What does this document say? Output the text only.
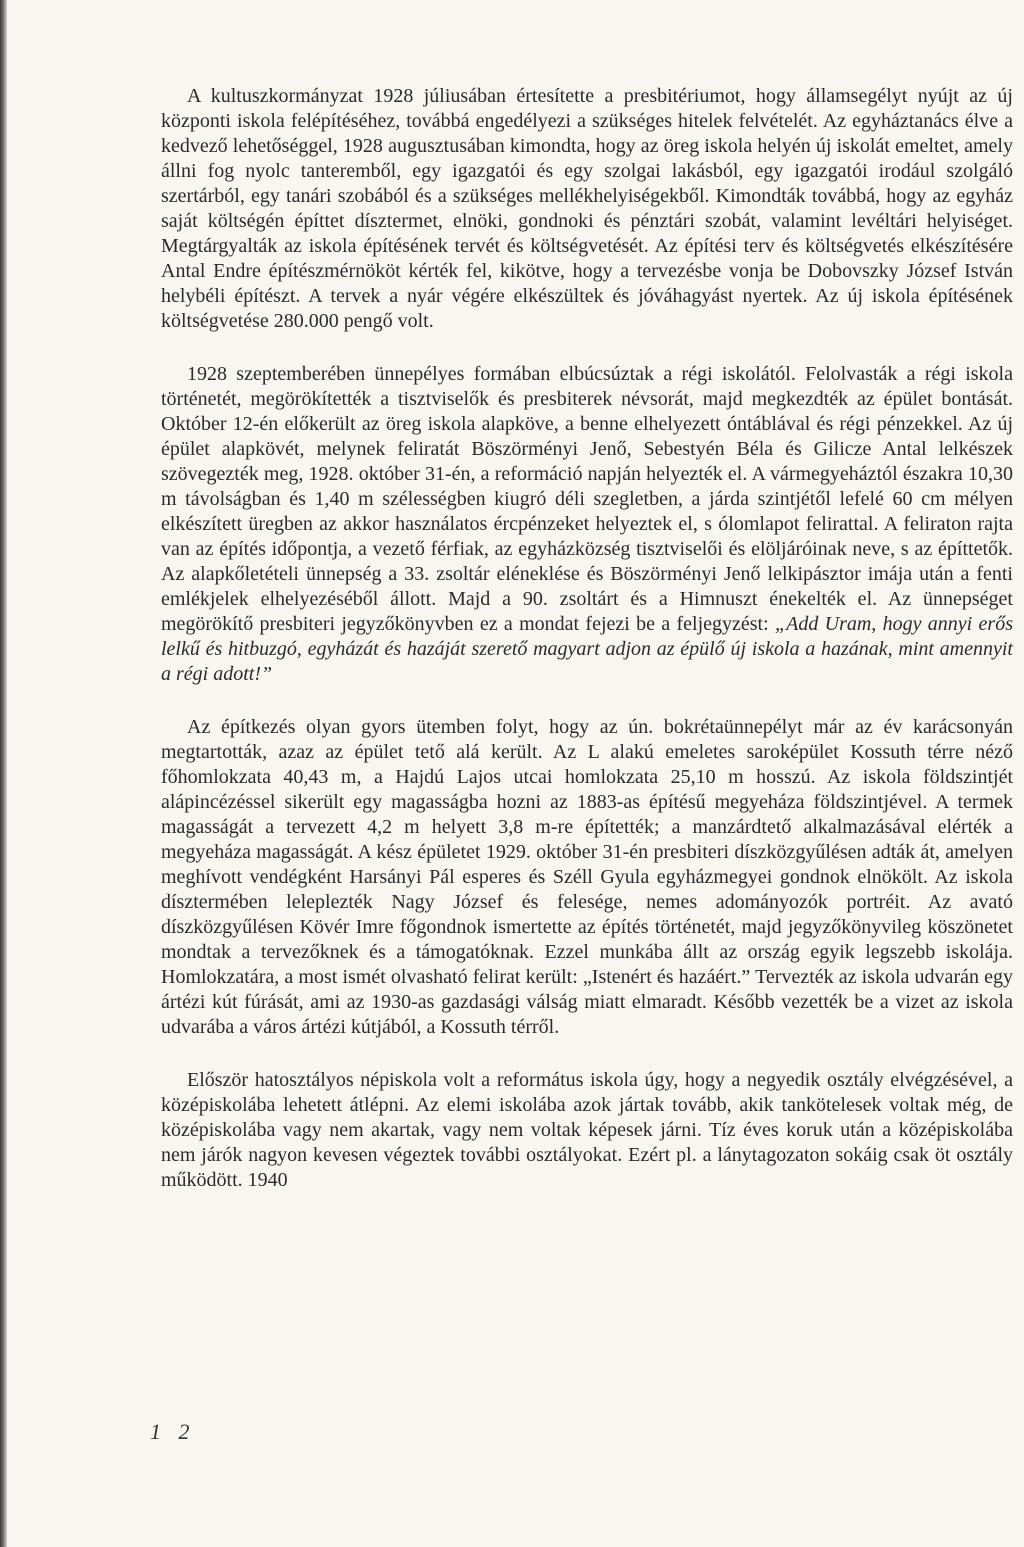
A kultuszkormányzat 1928 júliusában értesítette a presbitériumot, hogy államsegélyt nyújt az új központi iskola felépítéséhez, továbbá engedélyezi a szükséges hitelek felvételét. Az egyháztanács élve a kedvező lehetőséggel, 1928 augusztusában kimondta, hogy az öreg iskola helyén új iskolát emeltet, amely állni fog nyolc tanteremből, egy igazgatói és egy szolgai lakásból, egy igazgatói irodául szolgáló szertárból, egy tanári szobából és a szükséges mellékhelyiségekből. Kimondták továbbá, hogy az egyház saját költségén építtet dísztermet, elnöki, gondnoki és pénztári szobát, valamint levéltári helyiséget. Megtárgyalták az iskola építésének tervét és költségvetését. Az építési terv és költségvetés elkészítésére Antal Endre építészmérnököt kérték fel, kikötve, hogy a tervezésbe vonja be Dobovszky József István helybéli építészt. A tervek a nyár végére elkészültek és jóváhagyást nyertek. Az új iskola építésének költségvetése 280.000 pengő volt.

1928 szeptemberében ünnepélyes formában elbúcsúztak a régi iskolától. Felolvasták a régi iskola történetét, megörökítették a tisztviselők és presbiterek névsorát, majd megkezdték az épület bontását. Október 12-én előkerült az öreg iskola alapköve, a benne elhelyezett óntáblával és régi pénzekkel. Az új épület alapkövét, melynek feliratát Böszörményi Jenő, Sebestyén Béla és Gilicze Antal lelkészek szövegezték meg, 1928. október 31-én, a reformáció napján helyezték el. A vármegyeháztól északra 10,30 m távolságban és 1,40 m szélességben kiugró déli szegletben, a járda szintjétől lefelé 60 cm mélyen elkészített üregben az akkor használatos ércpénzeket helyeztek el, s ólomlapot felirattal. A feliraton rajta van az építés időpontja, a vezető férfiak, az egyházközség tisztviselői és elöljáróinak neve, s az építtetők. Az alapkőletételi ünnepség a 33. zsoltár eléneklése és Böszörményi Jenő lelkipásztor imája után a fenti emlékjelek elhelyezéséből állott. Majd a 90. zsoltárt és a Himnuszt énekelték el. Az ünnepséget megörökítő presbiteri jegyzőkönyvben ez a mondat fejezi be a feljegyzést: „Add Uram, hogy annyi erős lelkű és hitbuzgó, egyházát és hazáját szerető magyart adjon az épülő új iskola a hazának, mint amennyit a régi adott!”

Az építkezés olyan gyors ütemben folyt, hogy az ún. bokrétaünnepélyt már az év karácsonyán megtartották, azaz az épület tető alá került. Az L alakú emeletes saroképület Kossuth térre néző főhomlokzata 40,43 m, a Hajdú Lajos utcai homlokzata 25,10 m hosszú. Az iskola földszintjét alápincézéssel sikerült egy magasságba hozni az 1883-as építésű megyeháza földszintjével. A termek magasságát a tervezett 4,2 m helyett 3,8 m-re építették; a manzárdtető alkalmazásával elérték a megyeháza magasságát. A kész épületet 1929. október 31-én presbiteri díszközgyűlésen adták át, amelyen meghívott vendégként Harsányi Pál esperes és Széll Gyula egyházmegyei gondnok elnökölt. Az iskola dísztermében leleplezték Nagy József és felesége, nemes adományozók portréit. Az avató díszközgyűlésen Kövér Imre főgondnok ismertette az építés történetét, majd jegyzőkönyvileg köszönetet mondtak a tervezőknek és a támogatóknak. Ezzel munkába állt az ország egyik legszebb iskolája. Homlokzatára, a most ismét olvasható felirat került: „Istenért és hazáért.” Tervezték az iskola udvarán egy ártézi kút fúrását, ami az 1930-as gazdasági válság miatt elmaradt. Később vezették be a vizet az iskola udvarába a város ártézi kútjából, a Kossuth térről.

Először hatosztályos népiskola volt a református iskola úgy, hogy a negyedik osztály elvégzésével, a középiskolába lehetett átlépni. Az elemi iskolába azok jártak tovább, akik tankötelesek voltak még, de középiskolába vagy nem akartak, vagy nem voltak képesek járni. Tíz éves koruk után a középiskolába nem járók nagyon kevesen végeztek további osztályokat. Ezért pl. a lánytagozaton sokáig csak öt osztály működött. 1940

1 2
